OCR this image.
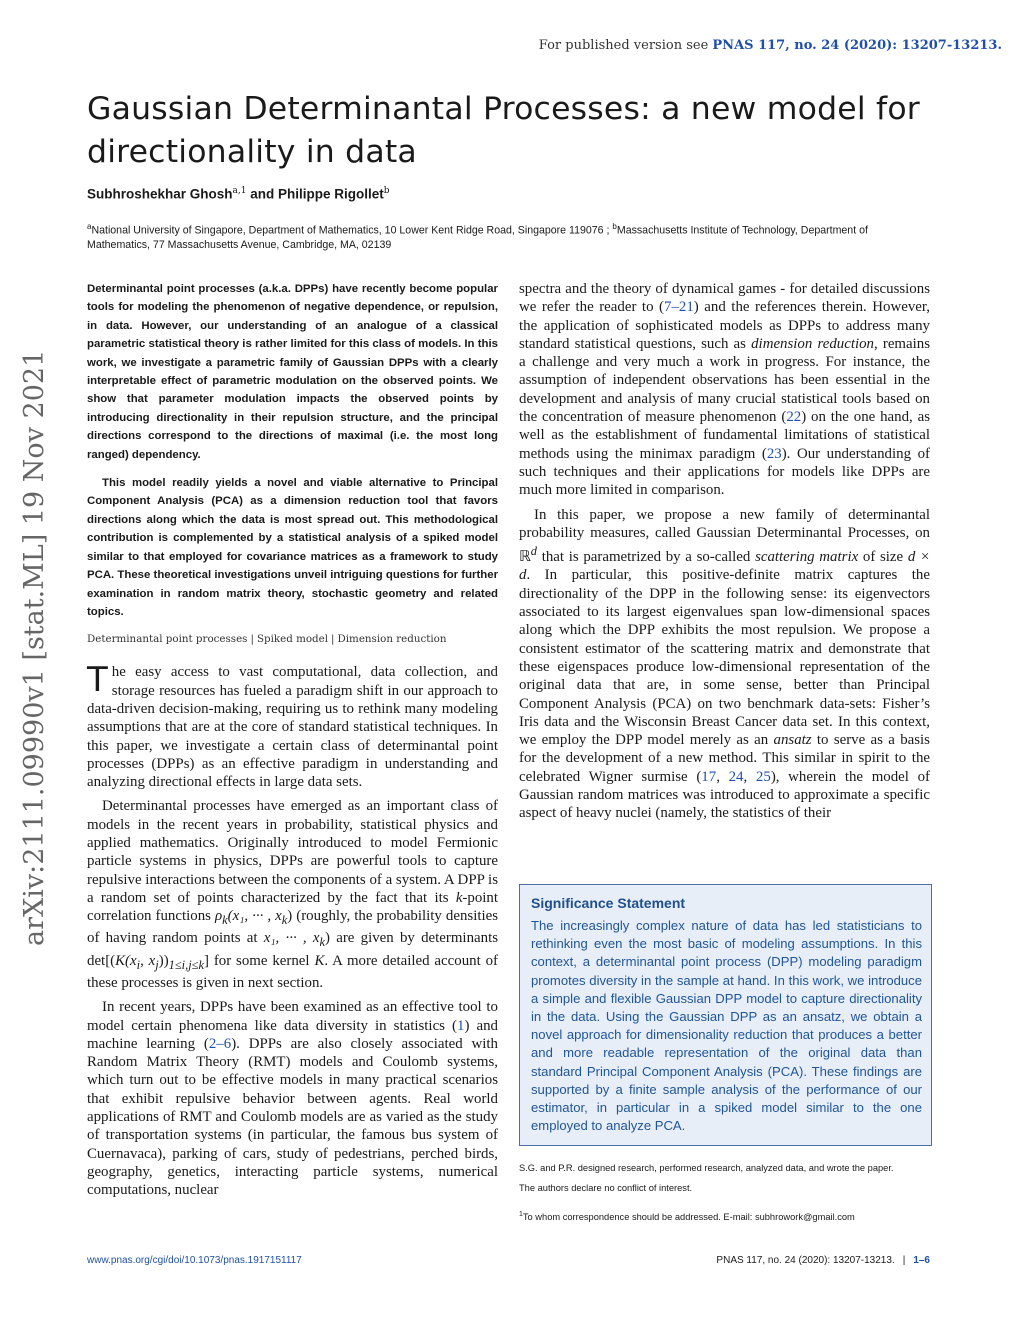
For published version see PNAS 117, no. 24 (2020): 13207-13213.
arXiv:2111.09990v1 [stat.ML] 19 Nov 2021
Gaussian Determinantal Processes: a new model for directionality in data
Subhroshekhar Ghosh$^{a,1}$ and Philippe Rigollet$^b$

$^a$National University of Singapore, Department of Mathematics, 10 Lower Kent Ridge Road, Singapore 119076 ; $^b$Massachusetts Institute of Technology, Department of Mathematics, 77 Massachusetts Avenue, Cambridge, MA, 02139

Determinantal point processes (a.k.a. DPPs) have recently become popular tools for modeling the phenomenon of negative dependence, or repulsion, in data. However, our understanding of an analogue of a classical parametric statistical theory is rather limited for this class of models. In this work, we investigate a parametric family of Gaussian DPPs with a clearly interpretable effect of parametric modulation on the observed points. We show that parameter modulation impacts the observed points by introducing directionality in their repulsion structure, and the principal directions correspond to the directions of maximal (i.e. the most long ranged) dependency.

This model readily yields a novel and viable alternative to Principal Component Analysis (PCA) as a dimension reduction tool that favors directions along which the data is most spread out. This methodological contribution is complemented by a statistical analysis of a spiked model similar to that employed for covariance matrices as a framework to study PCA. These theoretical investigations unveil intriguing questions for further examination in random matrix theory, stochastic geometry and related topics.

Determinantal point processes | Spiked model | Dimension reduction

The easy access to vast computational, data collection, and storage resources has fueled a paradigm shift in our approach to data-driven decision-making, requiring us to rethink many modeling assumptions that are at the core of standard statistical techniques. In this paper, we investigate a certain class of determinantal point processes (DPPs) as an effective paradigm in understanding and analyzing directional effects in large data sets.

Determinantal processes have emerged as an important class of models in the recent years in probability, statistical physics and applied mathematics. Originally introduced to model Fermionic particle systems in physics, DPPs are powerful tools to capture repulsive interactions between the components of a system. A DPP is a random set of points characterized by the fact that its k-point correlation functions $\rho_k(x_1$, ··· , $x_k$) (roughly, the probability densities of having random points at x₁, ··· , $x_k$) are given by determinants $\det[(K(x_i$, $x_j))_{1\le i,j\le k}$] for some kernel K. A more detailed account of these processes is given in next section.

In recent years, DPPs have been examined as an effective tool to model certain phenomena like data diversity in statistics (1) and machine learning (2–6). DPPs are also closely associated with Random Matrix Theory (RMT) models and Coulomb systems, which turn out to be effective models in many practical scenarios that exhibit repulsive behavior between agents. Real world applications of RMT and Coulomb models are as varied as the study of transportation systems (in particular, the famous bus system of Cuernavaca), parking of cars, study of pedestrians, perched birds, geography, genetics, interacting particle systems, numerical computations, nuclear

spectra and the theory of dynamical games - for detailed discussions we refer the reader to (7–21) and the references therein. However, the application of sophisticated models as DPPs to address many standard statistical questions, such as dimension reduction, remains a challenge and very much a work in progress. For instance, the assumption of independent observations has been essential in the development and analysis of many crucial statistical tools based on the concentration of measure phenomenon (22) on the one hand, as well as the establishment of fundamental limitations of statistical methods using the minimax paradigm (23). Our understanding of such techniques and their applications for models like DPPs are much more limited in comparison.

In this paper, we propose a new family of determinantal probability measures, called Gaussian Determinantal Processes, on ℝ$^d$ that is parametrized by a so-called scattering matrix of size d × d. In particular, this positive-definite matrix captures the directionality of the DPP in the following sense: its eigenvectors associated to its largest eigenvalues span low-dimensional spaces along which the DPP exhibits the most repulsion. We propose a consistent estimator of the scattering matrix and demonstrate that these eigenspaces produce low-dimensional representation of the original data that are, in some sense, better than Principal Component Analysis (PCA) on two benchmark data-sets: Fisher’s Iris data and the Wisconsin Breast Cancer data set. In this context, we employ the DPP model merely as an ansatz to serve as a basis for the development of a new method. This similar in spirit to the celebrated Wigner surmise (17, 24, 25), wherein the model of Gaussian random matrices was introduced to approximate a specific aspect of heavy nuclei (namely, the statistics of their

Significance Statement

The increasingly complex nature of data has led statisticians to rethinking even the most basic of modeling assumptions. In this context, a determinantal point process (DPP) modeling paradigm promotes diversity in the sample at hand. In this work, we introduce a simple and flexible Gaussian DPP model to capture directionality in the data. Using the Gaussian DPP as an ansatz, we obtain a novel approach for dimensionality reduction that produces a better and more readable representation of the original data than standard Principal Component Analysis (PCA). These findings are supported by a finite sample analysis of the performance of our estimator, in particular in a spiked model similar to the one employed to analyze PCA.

S.G. and P.R. designed research, performed research, analyzed data, and wrote the paper.

The authors declare no conflict of interest.

$^1$To whom correspondence should be addressed. E-mail: subhrowork@gmail.com

www.pnas.org/cgi/doi/10.1073/pnas.1917151117	PNAS 117, no. 24 (2020): 13207-13213. | 1–6
